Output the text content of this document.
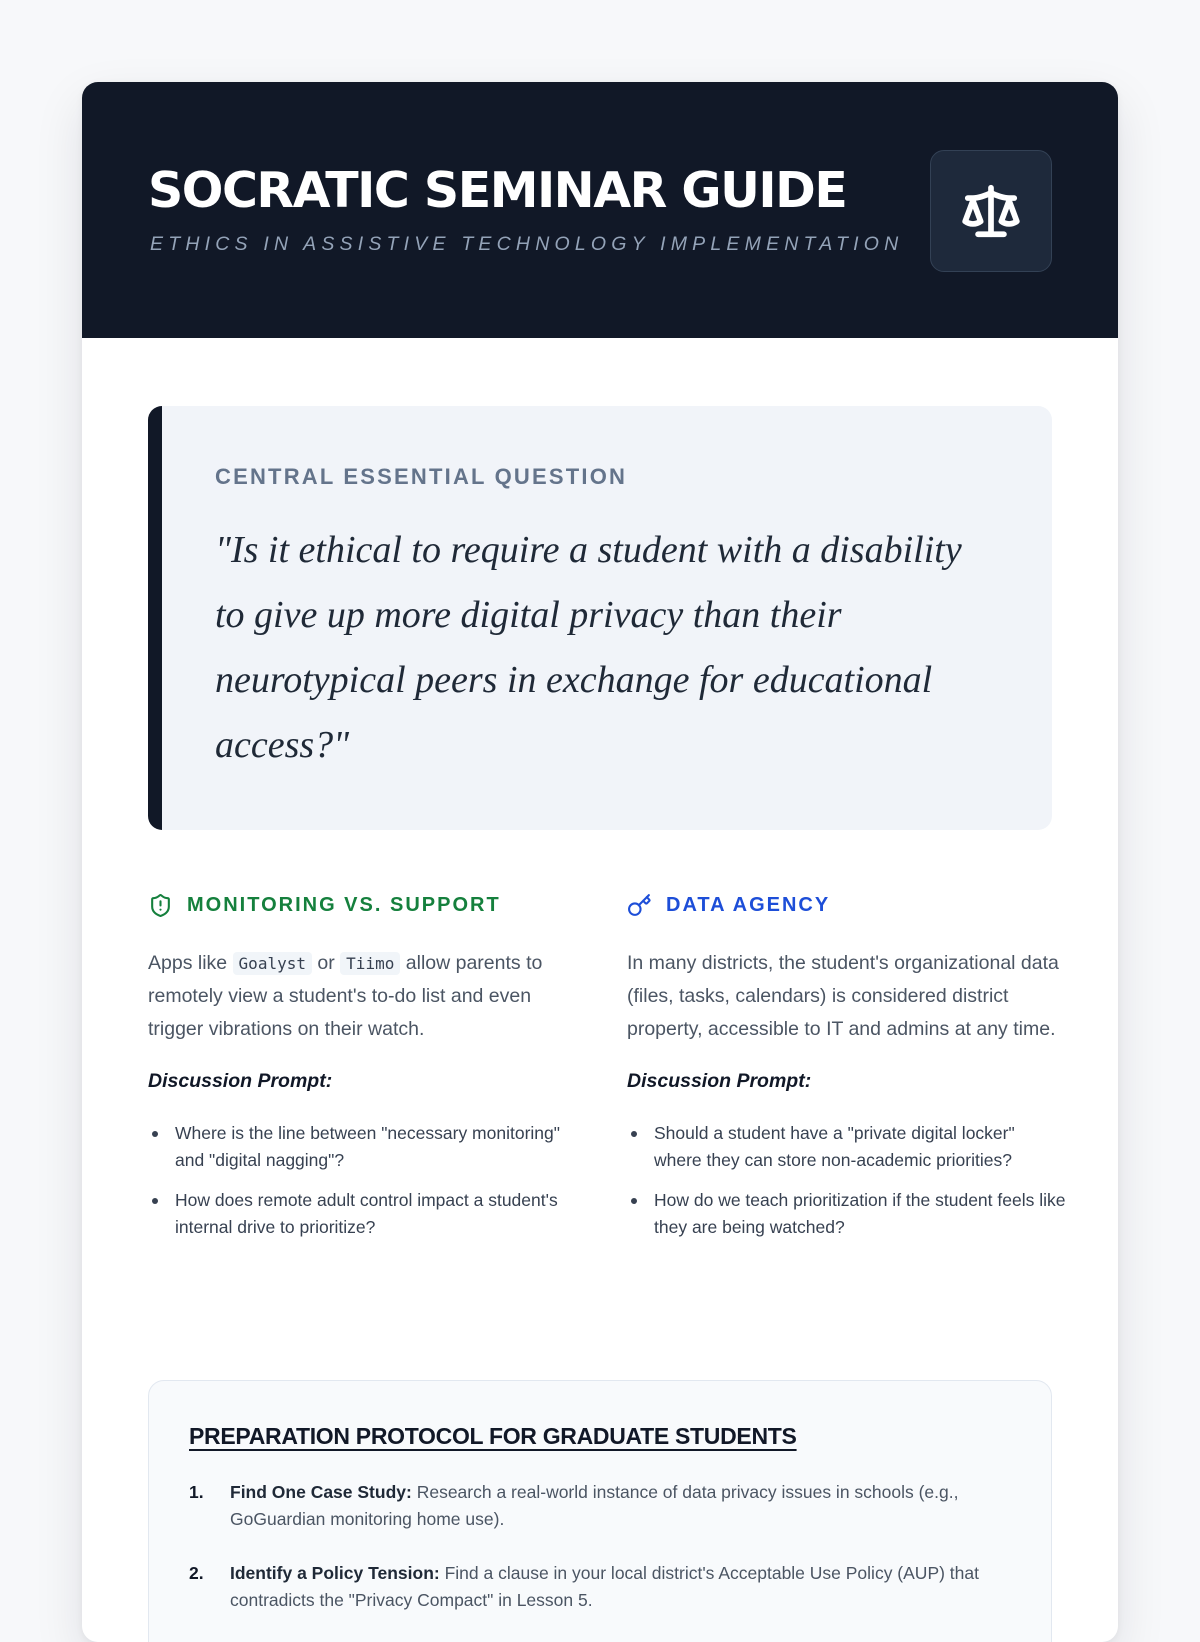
SOCRATIC SEMINAR GUIDE
ETHICS IN ASSISTIVE TECHNOLOGY IMPLEMENTATION
CENTRAL ESSENTIAL QUESTION
"Is it ethical to require a student with a disability to give up more digital privacy than their neurotypical peers in exchange for educational access?"
MONITORING VS. SUPPORT

Apps like Goalyst or Tiimo allow parents to remotely view a student's to-do list and even trigger vibrations on their watch.

Discussion Prompt:
Where is the line between "necessary monitoring" and "digital nagging"?
How does remote adult control impact a student's internal drive to prioritize?
DATA AGENCY

In many districts, the student's organizational data (files, tasks, calendars) is considered district property, accessible to IT and admins at any time.

Discussion Prompt:
Should a student have a "private digital locker" where they can store non-academic priorities?
How do we teach prioritization if the student feels like they are being watched?
PREPARATION PROTOCOL FOR GRADUATE STUDENTS
1. Find One Case Study: Research a real-world instance of data privacy issues in schools (e.g., GoGuardian monitoring home use).
2. Identify a Policy Tension: Find a clause in your local district's Acceptable Use Policy (AUP) that contradicts the "Privacy Compact" in Lesson 5.
